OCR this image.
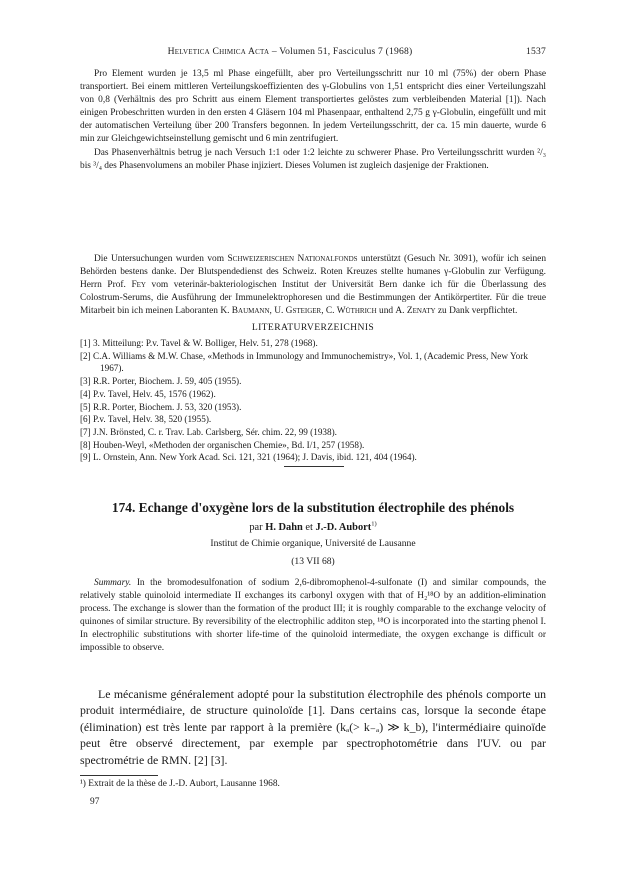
Helvetica Chimica Acta – Volumen 51, Fasciculus 7 (1968)	1537

Pro Element wurden je 13,5 ml Phase eingefüllt, aber pro Verteilungsschritt nur 10 ml (75%) der obern Phase transportiert. Bei einem mittleren Verteilungskoeffizienten des γ-Globulins von 1,51 entspricht dies einer Verteilungszahl von 0,8 (Verhältnis des pro Schritt aus einem Element transportiertes gelöstes zum verbleibenden Material [1]). Nach einigen Probeschritten wurden in den ersten 4 Gläsern 104 ml Phasenpaar, enthaltend 2,75 g γ-Globulin, eingefüllt und mit der automatischen Verteilung über 200 Transfers begonnen. In jedem Verteilungsschritt, der ca. 15 min dauerte, wurde 6 min zur Gleichgewichtseinstellung gemischt und 6 min zentrifugiert.

Das Phasenverhältnis betrug je nach Versuch 1:1 oder 1:2 leichte zu schwerer Phase. Pro Verteilungsschritt wurden ²/₃ bis ³/₄ des Phasenvolumens an mobiler Phase injiziert. Dieses Volumen ist zugleich dasjenige der Fraktionen.

Die Untersuchungen wurden vom Schweizerischen Nationalfonds unterstützt (Gesuch Nr. 3091), wofür ich seinen Behörden bestens danke. Der Blutspendedienst des Schweiz. Roten Kreuzes stellte humanes γ-Globulin zur Verfügung. Herrn Prof. Fey vom veterinär-bakteriologischen Institut der Universität Bern danke ich für die Überlassung des Colostrum-Serums, die Ausführung der Immunelektrophoresen und die Bestimmungen der Antikörpertiter. Für die treue Mitarbeit bin ich meinen Laboranten K. Baumann, U. Gsteiger, C. Wüthrich und A. Zenaty zu Dank verpflichtet.

LITERATURVERZEICHNIS
[1] 3. Mitteilung: P.v. Tavel & W. Bolliger, Helv. 51, 278 (1968).
[2] C.A. Williams & M.W. Chase, «Methods in Immunology and Immunochemistry», Vol. 1, (Academic Press, New York 1967).
[3] R.R. Porter, Biochem. J. 59, 405 (1955).
[4] P.v. Tavel, Helv. 45, 1576 (1962).
[5] R.R. Porter, Biochem. J. 53, 320 (1953).
[6] P.v. Tavel, Helv. 38, 520 (1955).
[7] J.N. Brönsted, C. r. Trav. Lab. Carlsberg, Sér. chim. 22, 99 (1938).
[8] Houben-Weyl, «Methoden der organischen Chemie», Bd. I/1, 257 (1958).
[9] L. Ornstein, Ann. New York Acad. Sci. 121, 321 (1964); J. Davis, ibid. 121, 404 (1964).
174. Echange d'oxygène lors de la substitution électrophile des phénols
par H. Dahn et J.-D. Aubort$^{1)}$
Institut de Chimie organique, Université de Lausanne
(13 VII 68)

Summary. In the bromodesulfonation of sodium 2,6-dibromophenol-4-sulfonate (I) and similar compounds, the relatively stable quinoloid intermediate II exchanges its carbonyl oxygen with that of H₂¹⁸O by an addition-elimination process. The exchange is slower than the formation of the product III; it is roughly comparable to the exchange velocity of quinones of similar structure. By reversibility of the electrophilic additon step, ¹⁸O is incorporated into the starting phenol I. In electrophilic substitutions with shorter life-time of the quinoloid intermediate, the oxygen exchange is difficult or impossible to observe.

Le mécanisme généralement adopté pour la substitution électrophile des phénols comporte un produit intermédiaire, de structure quinoloïde [1]. Dans certains cas, lorsque la seconde étape (élimination) est très lente par rapport à la première (kₐ(> k₋ₐ) ≫ k_b), l'intermédiaire quinoïde peut être observé directement, par exemple par spectrophotométrie dans l'UV. ou par spectrométrie de RMN. [2] [3].

¹) Extrait de la thèse de J.-D. Aubort, Lausanne 1968.
97
